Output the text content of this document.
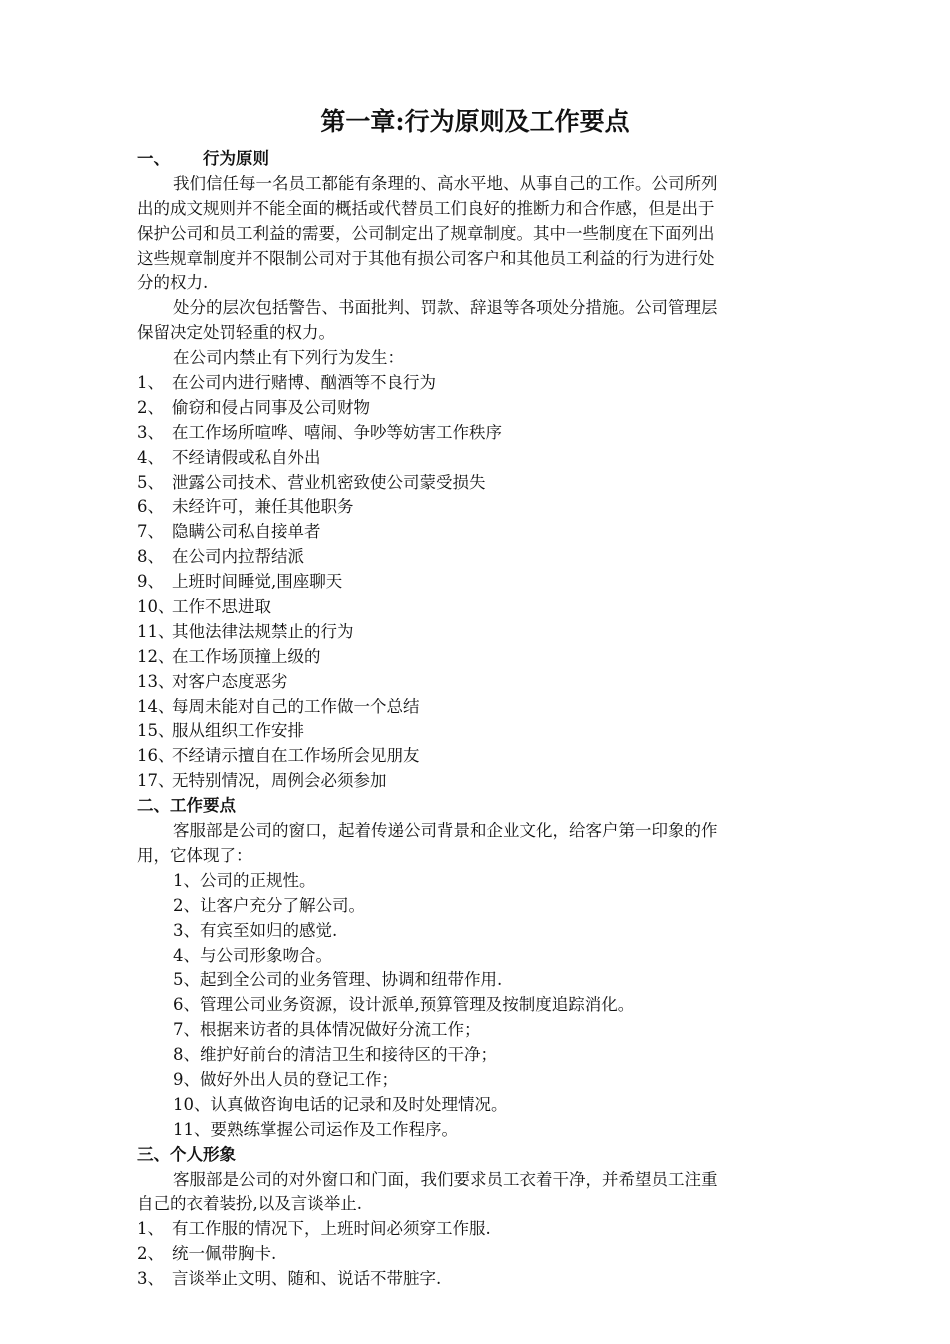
第一章:行为原则及工作要点
一、 行为原则
我们信任每一名员工都能有条理的、高水平地、从事自己的工作。公司所列
出的成文规则并不能全面的概括或代替员工们良好的推断力和合作感，但是出于
保护公司和员工利益的需要，公司制定出了规章制度。其中一些制度在下面列出
这些规章制度并不限制公司对于其他有损公司客户和其他员工利益的行为进行处
分的权力.
处分的层次包括警告、书面批判、罚款、辞退等各项处分措施。公司管理层
保留决定处罚轻重的权力。
在公司内禁止有下列行为发生：
1、 在公司内进行赌博、酗酒等不良行为
2、 偷窃和侵占同事及公司财物
3、 在工作场所喧哗、嘻闹、争吵等妨害工作秩序
4、 不经请假或私自外出
5、 泄露公司技术、营业机密致使公司蒙受损失
6、 未经许可，兼任其他职务
7、 隐瞒公司私自接单者
8、 在公司内拉帮结派
9、 上班时间睡觉,围座聊天
10、工作不思进取
11、其他法律法规禁止的行为
12、在工作场顶撞上级的
13、对客户态度恶劣
14、每周未能对自己的工作做一个总结
15、服从组织工作安排
16、不经请示擅自在工作场所会见朋友
17、无特别情况，周例会必须参加
二、工作要点
客服部是公司的窗口，起着传递公司背景和企业文化，给客户第一印象的作
用，它体现了：
1、公司的正规性。
2、让客户充分了解公司。
3、有宾至如归的感觉.
4、与公司形象吻合。
5、起到全公司的业务管理、协调和纽带作用.
6、管理公司业务资源，设计派单,预算管理及按制度追踪消化。
7、根据来访者的具体情况做好分流工作；
8、维护好前台的清洁卫生和接待区的干净；
9、做好外出人员的登记工作；
10、认真做咨询电话的记录和及时处理情况。
11、要熟练掌握公司运作及工作程序。
三、个人形象
客服部是公司的对外窗口和门面，我们要求员工衣着干净，并希望员工注重
自己的衣着装扮,以及言谈举止.
1、 有工作服的情况下，上班时间必须穿工作服.
2、 统一佩带胸卡.
3、 言谈举止文明、随和、说话不带脏字.
